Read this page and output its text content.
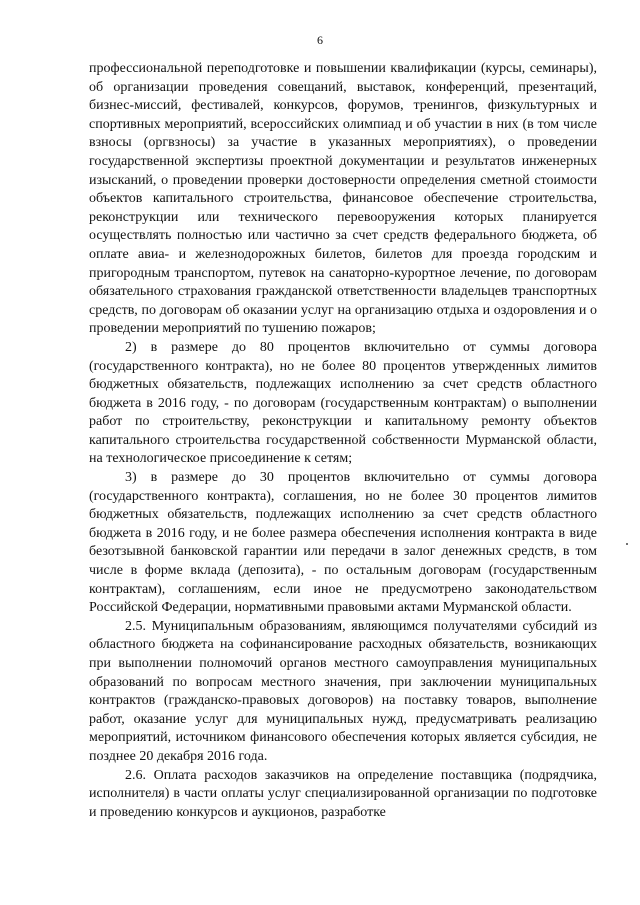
6

профессиональной переподготовке и повышении квалификации (курсы, семинары), об организации проведения совещаний, выставок, конференций, презентаций, бизнес-миссий, фестивалей, конкурсов, форумов, тренингов, физкультурных и спортивных мероприятий, всероссийских олимпиад и об участии в них (в том числе взносы (оргвзносы) за участие в указанных мероприятиях), о проведении государственной экспертизы проектной документации и результатов инженерных изысканий, о проведении проверки достоверности определения сметной стоимости объектов капитального строительства, финансовое обеспечение строительства, реконструкции или технического перевооружения которых планируется осуществлять полностью или частично за счет средств федерального бюджета, об оплате авиа- и железнодорожных билетов, билетов для проезда городским и пригородным транспортом, путевок на санаторно-курортное лечение, по договорам обязательного страхования гражданской ответственности владельцев транспортных средств, по договорам об оказании услуг на организацию отдыха и оздоровления и о проведении мероприятий по тушению пожаров;

2) в размере до 80 процентов включительно от суммы договора (государственного контракта), но не более 80 процентов утвержденных лимитов бюджетных обязательств, подлежащих исполнению за счет средств областного бюджета в 2016 году, - по договорам (государственным контрактам) о выполнении работ по строительству, реконструкции и капитальному ремонту объектов капитального строительства государственной собственности Мурманской области, на технологическое присоединение к сетям;

3) в размере до 30 процентов включительно от суммы договора (государственного контракта), соглашения, но не более 30 процентов лимитов бюджетных обязательств, подлежащих исполнению за счет средств областного бюджета в 2016 году, и не более размера обеспечения исполнения контракта в виде безотзывной банковской гарантии или передачи в залог денежных средств, в том числе в форме вклада (депозита), - по остальным договорам (государственным контрактам), соглашениям, если иное не предусмотрено законодательством Российской Федерации, нормативными правовыми актами Мурманской области.

2.5. Муниципальным образованиям, являющимся получателями субсидий из областного бюджета на софинансирование расходных обязательств, возникающих при выполнении полномочий органов местного самоуправления муниципальных образований по вопросам местного значения, при заключении муниципальных контрактов (гражданско-правовых договоров) на поставку товаров, выполнение работ, оказание услуг для муниципальных нужд, предусматривать реализацию мероприятий, источником финансового обеспечения которых является субсидия, не позднее 20 декабря 2016 года.

2.6. Оплата расходов заказчиков на определение поставщика (подрядчика, исполнителя) в части оплаты услуг специализированной организации по подготовке и проведению конкурсов и аукционов, разработке
